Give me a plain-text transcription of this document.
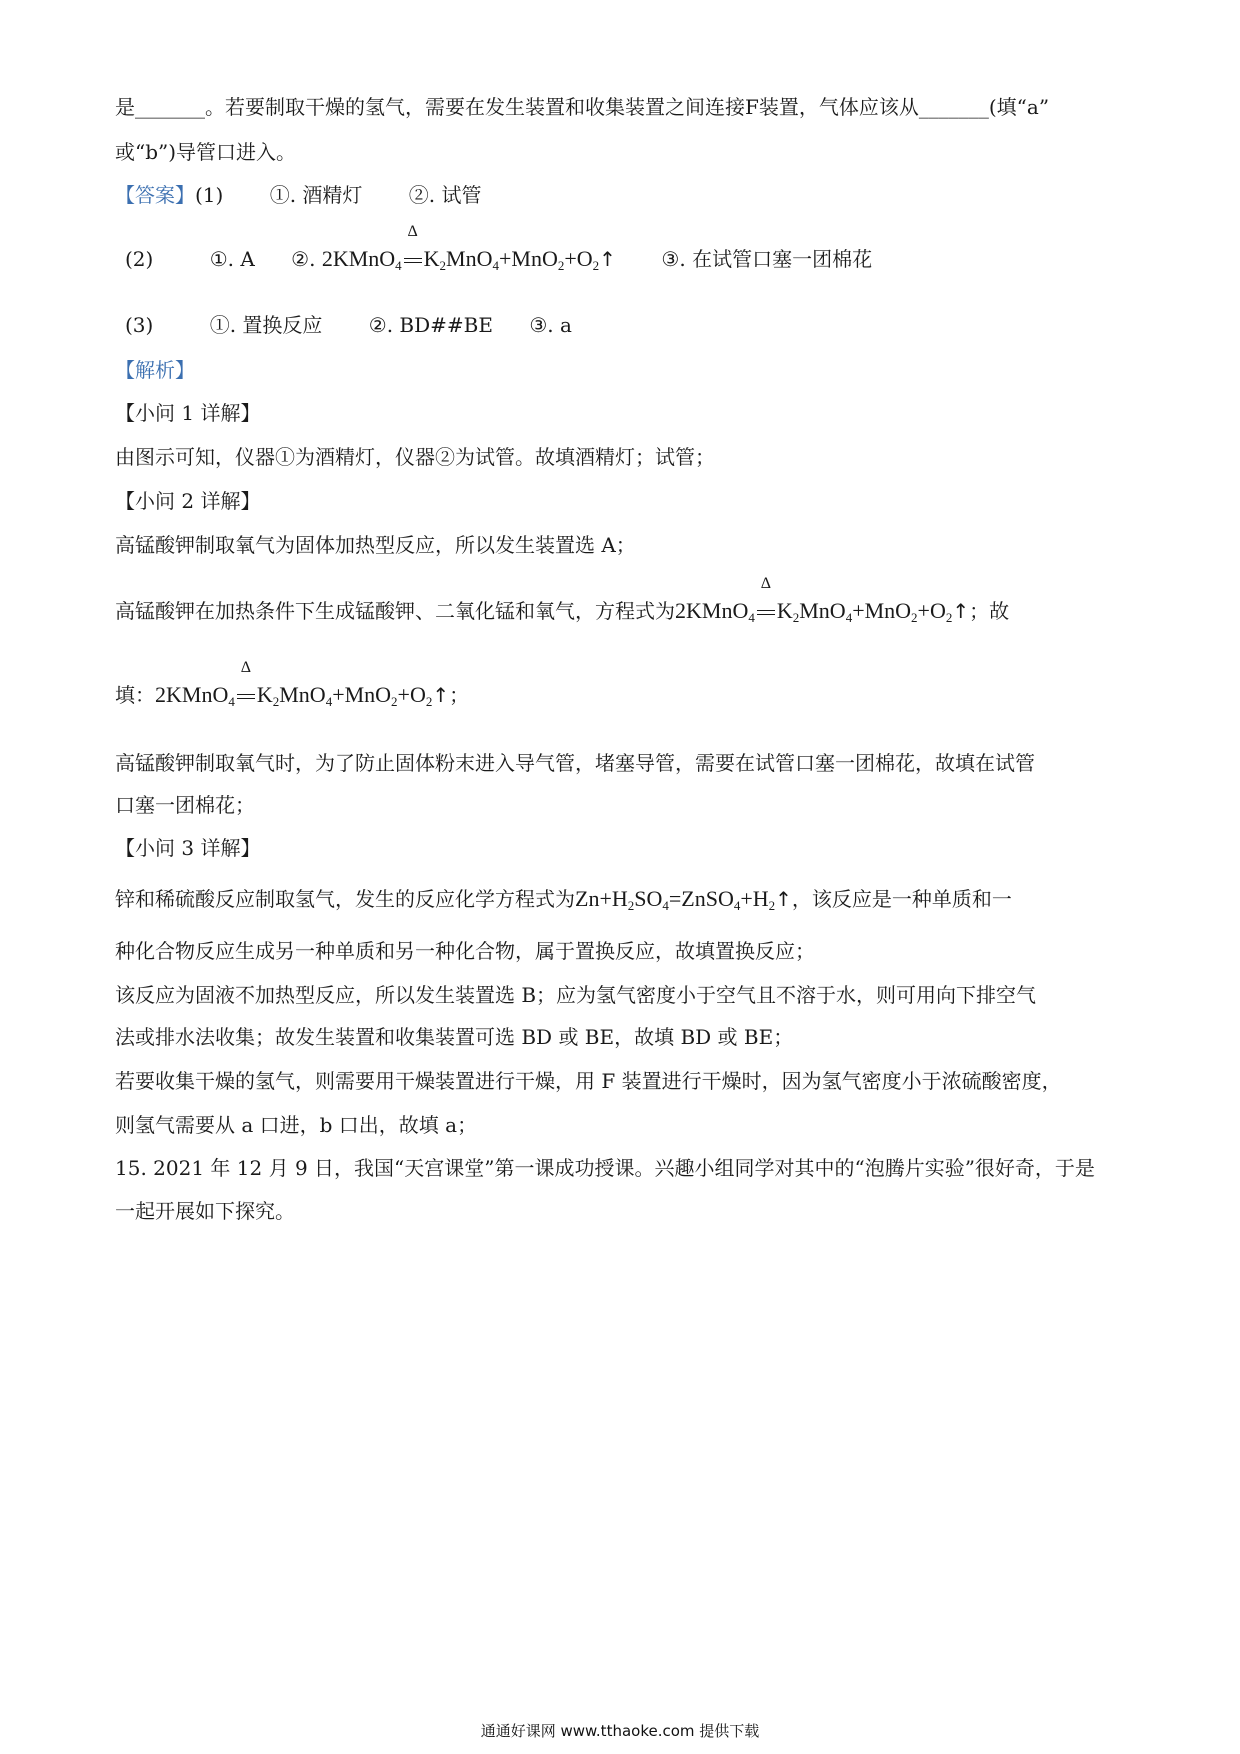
是_______。若要制取干燥的氢气，需要在发生装置和收集装置之间连接F装置，气体应该从_______(填“a”
或“b”)导管口进入。
【答案】(1) ①. 酒精灯 ②. 试管
(2)	①. A ②. 2KMnO$_4$
Δ
$K_2MnO_4+MnO_2+O_2↑$ ③. 在试管口塞一团棉花
(3)	①. 置换反应 ②. BD##BE ③. a
【解析】
【小问 1 详解】
由图示可知，仪器①为酒精灯，仪器②为试管。故填酒精灯；试管；
【小问 2 详解】
高锰酸钾制取氧气为固体加热型反应，所以发生装置选 A；
高锰酸钾在加热条件下生成锰酸钾、二氧化锰和氧气，方程式为2KMnO$_4$
Δ
$K_2MnO_4+MnO_2+O_2↑$；故
填：2KMnO$_4$
Δ
$K_2MnO_4+MnO_2+O_2↑$；
高锰酸钾制取氧气时，为了防止固体粉末进入导气管，堵塞导管，需要在试管口塞一团棉花，故填在试管
口塞一团棉花；
【小问 3 详解】
锌和稀硫酸反应制取氢气，发生的反应化学方程式为$Zn+H_2SO_4=ZnSO_4+H_2↑$，该反应是一种单质和一
种化合物反应生成另一种单质和另一种化合物，属于置换反应，故填置换反应；
该反应为固液不加热型反应，所以发生装置选 B；应为氢气密度小于空气且不溶于水，则可用向下排空气
法或排水法收集；故发生装置和收集装置可选 BD 或 BE，故填 BD 或 BE；
若要收集干燥的氢气，则需要用干燥装置进行干燥，用 F 装置进行干燥时，因为氢气密度小于浓硫酸密度，
则氢气需要从 a 口进，b 口出，故填 a；
15. 2021 年 12 月 9 日，我国“天宫课堂”第一课成功授课。兴趣小组同学对其中的“泡腾片实验”很好奇，于是
一起开展如下探究。
通通好课网 www.tthaoke.com 提供下载
